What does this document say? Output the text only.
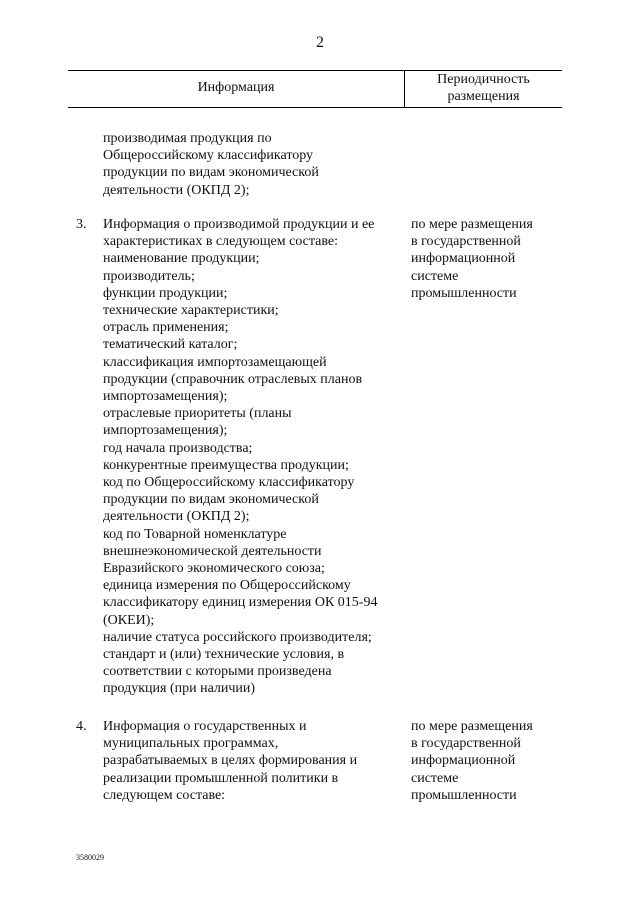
2
Информация
Периодичность
размещения
производимая продукция по
Общероссийскому классификатору
продукции по видам экономической
деятельности (ОКПД 2);
3. Информация о производимой продукции и ее
характеристиках в следующем составе:
наименование продукции;
производитель;
функции продукции;
технические характеристики;
отрасль применения;
тематический каталог;
классификация импортозамещающей
продукции (справочник отраслевых планов
импортозамещения);
отраслевые приоритеты (планы
импортозамещения);
год начала производства;
конкурентные преимущества продукции;
код по Общероссийскому классификатору
продукции по видам экономической
деятельности (ОКПД 2);
код по Товарной номенклатуре
внешнеэкономической деятельности
Евразийского экономического союза;
единица измерения по Общероссийскому
классификатору единиц измерения ОК 015-94
(ОКЕИ);
наличие статуса российского производителя;
стандарт и (или) технические условия, в
соответствии с которыми произведена
продукция (при наличии)
по мере размещения
в государственной
информационной
системе
промышленности
4. Информация о государственных и
муниципальных программах,
разрабатываемых в целях формирования и
реализации промышленной политики в
следующем составе:
по мере размещения
в государственной
информационной
системе
промышленности
3580029
